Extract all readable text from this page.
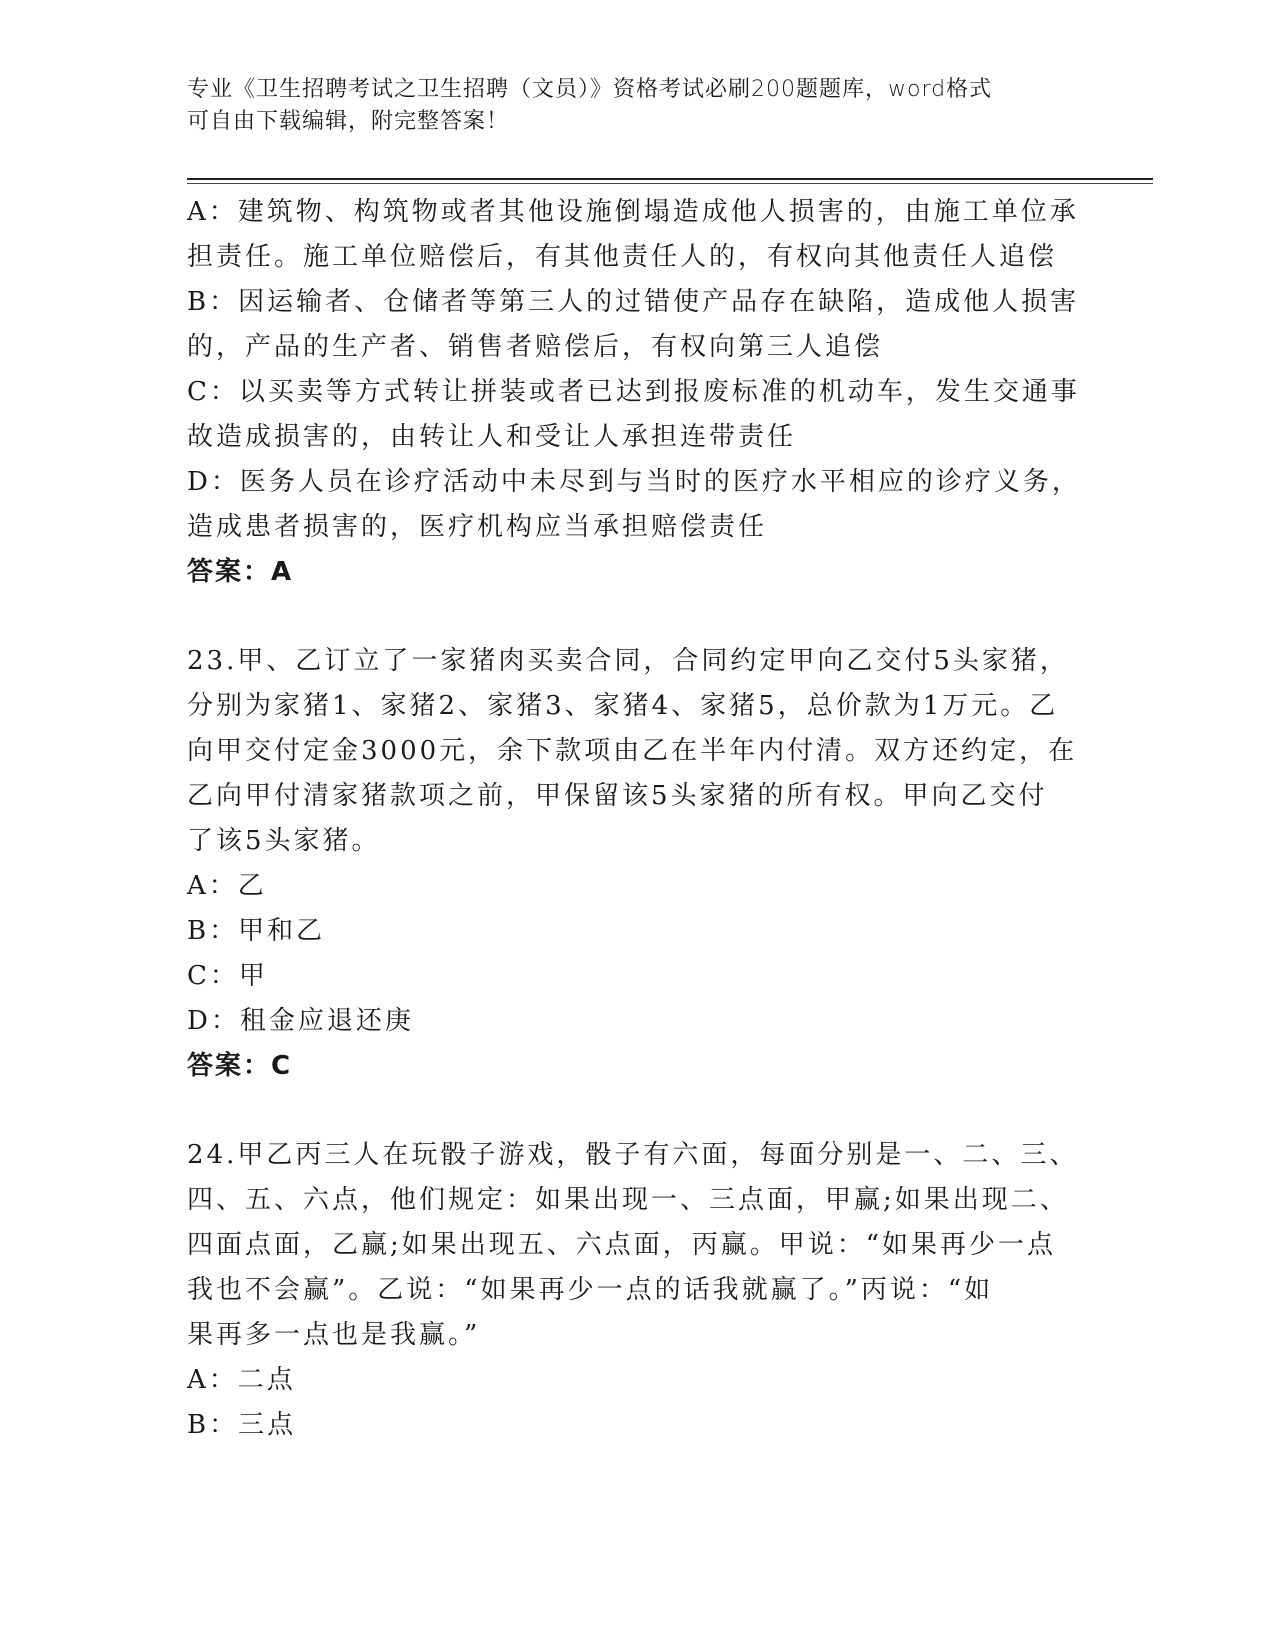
专业《卫生招聘考试之卫生招聘（文员）》资格考试必刷200题题库，word格式
可自由下载编辑，附完整答案！
A：建筑物、构筑物或者其他设施倒塌造成他人损害的，由施工单位承
担责任。施工单位赔偿后，有其他责任人的，有权向其他责任人追偿
B：因运输者、仓储者等第三人的过错使产品存在缺陷，造成他人损害
的，产品的生产者、销售者赔偿后，有权向第三人追偿
C：以买卖等方式转让拼装或者已达到报废标准的机动车，发生交通事
故造成损害的，由转让人和受让人承担连带责任
D：医务人员在诊疗活动中未尽到与当时的医疗水平相应的诊疗义务，
造成患者损害的，医疗机构应当承担赔偿责任
答案：A
23.甲、乙订立了一家猪肉买卖合同，合同约定甲向乙交付5头家猪，
分别为家猪1、家猪2、家猪3、家猪4、家猪5，总价款为1万元。乙
向甲交付定金3000元，余下款项由乙在半年内付清。双方还约定，在
乙向甲付清家猪款项之前，甲保留该5头家猪的所有权。甲向乙交付
了该5头家猪。
A：乙
B：甲和乙
C：甲
D：租金应退还庚
答案：C
24.甲乙丙三人在玩骰子游戏，骰子有六面，每面分别是一、二、三、
四、五、六点，他们规定：如果出现一、三点面，甲赢;如果出现二、
四面点面，乙赢;如果出现五、六点面，丙赢。甲说：“如果再少一点
我也不会赢”。乙说：“如果再少一点的话我就赢了。”丙说：“如
果再多一点也是我赢。”
A：二点
B：三点
